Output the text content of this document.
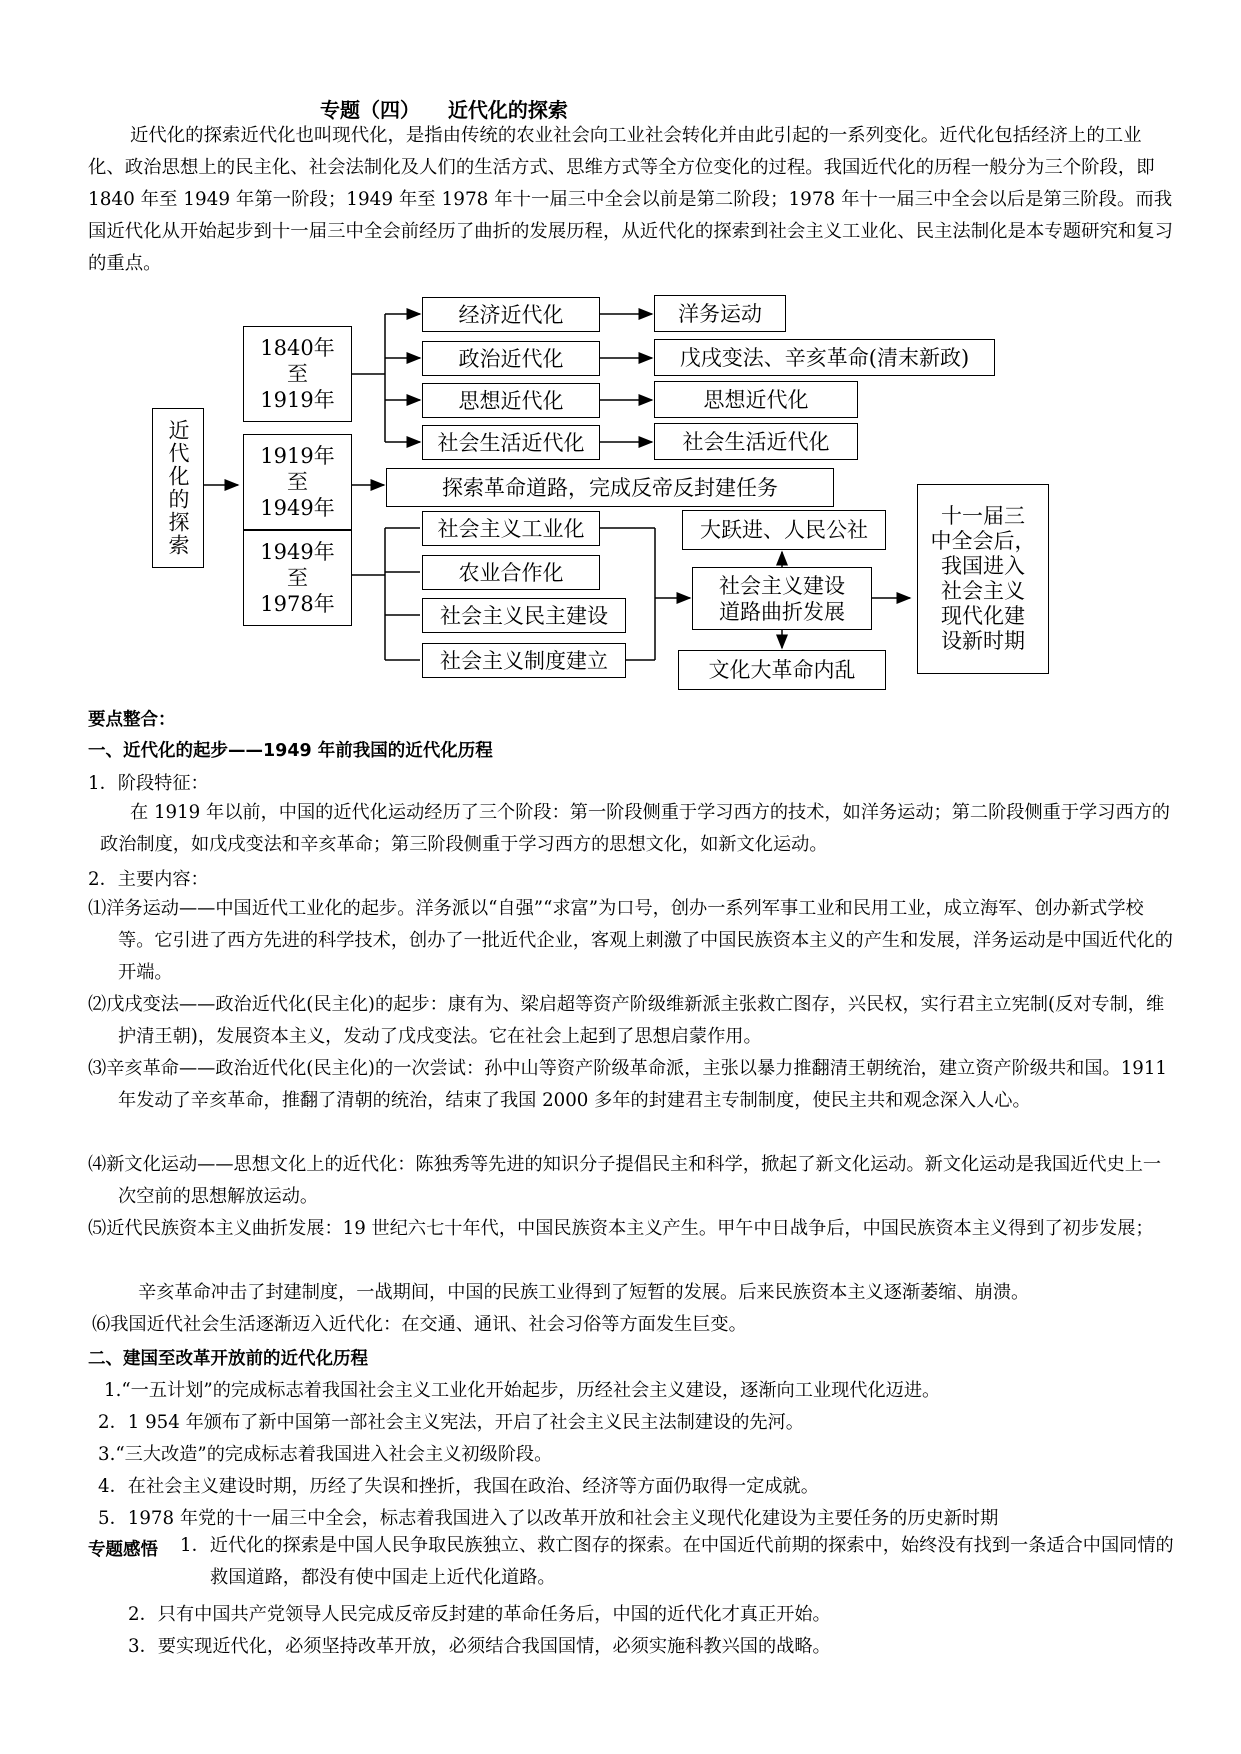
专题（四）    近代化的探索
近代化的探索近代化也叫现代化，是指由传统的农业社会向工业社会转化并由此引起的一系列变化。近代化包括经济上的工业化、政治思想上的民主化、社会法制化及人们的生活方式、思维方式等全方位变化的过程。我国近代化的历程一般分为三个阶段，即 1840 年至 1949 年第一阶段；1949 年至 1978 年十一届三中全会以前是第二阶段；1978 年十一届三中全会以后是第三阶段。而我国近代化从开始起步到十一届三中全会前经历了曲折的发展历程，从近代化的探索到社会主义工业化、民主法制化是本专题研究和复习的重点。
近代化的探索
1840年
至
1919年
1919年
至
1949年
1949年
至
1978年
经济近代化
政治近代化
思想近代化
社会生活近代化
洋务运动
戊戌变法、辛亥革命(清末新政)
思想近代化
社会生活近代化
探索革命道路，完成反帝反封建任务
社会主义工业化
农业合作化
社会主义民主建设
社会主义制度建立
大跃进、人民公社
社会主义建设
道路曲折发展
文化大革命内乱
十一届三
中全会后，
我国进入
社会主义
现代化建
设新时期
要点整合：
一、近代化的起步——1949 年前我国的近代化历程
1．阶段特征：
在 1919 年以前，中国的近代化运动经历了三个阶段：第一阶段侧重于学习西方的技术，如洋务运动；第二阶段侧重于学习西方的政治制度，如戊戌变法和辛亥革命；第三阶段侧重于学习西方的思想文化，如新文化运动。
2．主要内容：
⑴洋务运动——中国近代工业化的起步。洋务派以“自强”“求富”为口号，创办一系列军事工业和民用工业，成立海军、创办新式学校等。它引进了西方先进的科学技术，创办了一批近代企业，客观上刺激了中国民族资本主义的产生和发展，洋务运动是中国近代化的开端。
⑵戊戌变法——政治近代化(民主化)的起步：康有为、梁启超等资产阶级维新派主张救亡图存，兴民权，实行君主立宪制(反对专制，维护清王朝)，发展资本主义，发动了戊戌变法。它在社会上起到了思想启蒙作用。
⑶辛亥革命——政治近代化(民主化)的一次尝试：孙中山等资产阶级革命派，主张以暴力推翻清王朝统治，建立资产阶级共和国。1911 年发动了辛亥革命，推翻了清朝的统治，结束了我国 2000 多年的封建君主专制制度，使民主共和观念深入人心。
⑷新文化运动——思想文化上的近代化：陈独秀等先进的知识分子提倡民主和科学，掀起了新文化运动。新文化运动是我国近代史上一次空前的思想解放运动。
⑸近代民族资本主义曲折发展：19 世纪六七十年代，中国民族资本主义产生。甲午中日战争后，中国民族资本主义得到了初步发展；
辛亥革命冲击了封建制度，一战期间，中国的民族工业得到了短暂的发展。后来民族资本主义逐渐萎缩、崩溃。
⑹我国近代社会生活逐渐迈入近代化：在交通、通讯、社会习俗等方面发生巨变。
二、建国至改革开放前的近代化历程
1.“一五计划”的完成标志着我国社会主义工业化开始起步，历经社会主义建设，逐渐向工业现代化迈进。
2．1 954 年颁布了新中国第一部社会主义宪法，开启了社会主义民主法制建设的先河。
3.“三大改造”的完成标志着我国进入社会主义初级阶段。
4．在社会主义建设时期，历经了失误和挫折，我国在政治、经济等方面仍取得一定成就。
5．1978 年党的十一届三中全会，标志着我国进入了以改革开放和社会主义现代化建设为主要任务的历史新时期
专题感悟 1．近代化的探索是中国人民争取民族独立、救亡图存的探索。在中国近代前期的探索中，始终没有找到一条适合中国同情的救国道路，都没有使中国走上近代化道路。
2．只有中国共产党领导人民完成反帝反封建的革命任务后，中国的近代化才真正开始。
3．要实现近代化，必须坚持改革开放，必须结合我国国情，必须实施科教兴国的战略。
